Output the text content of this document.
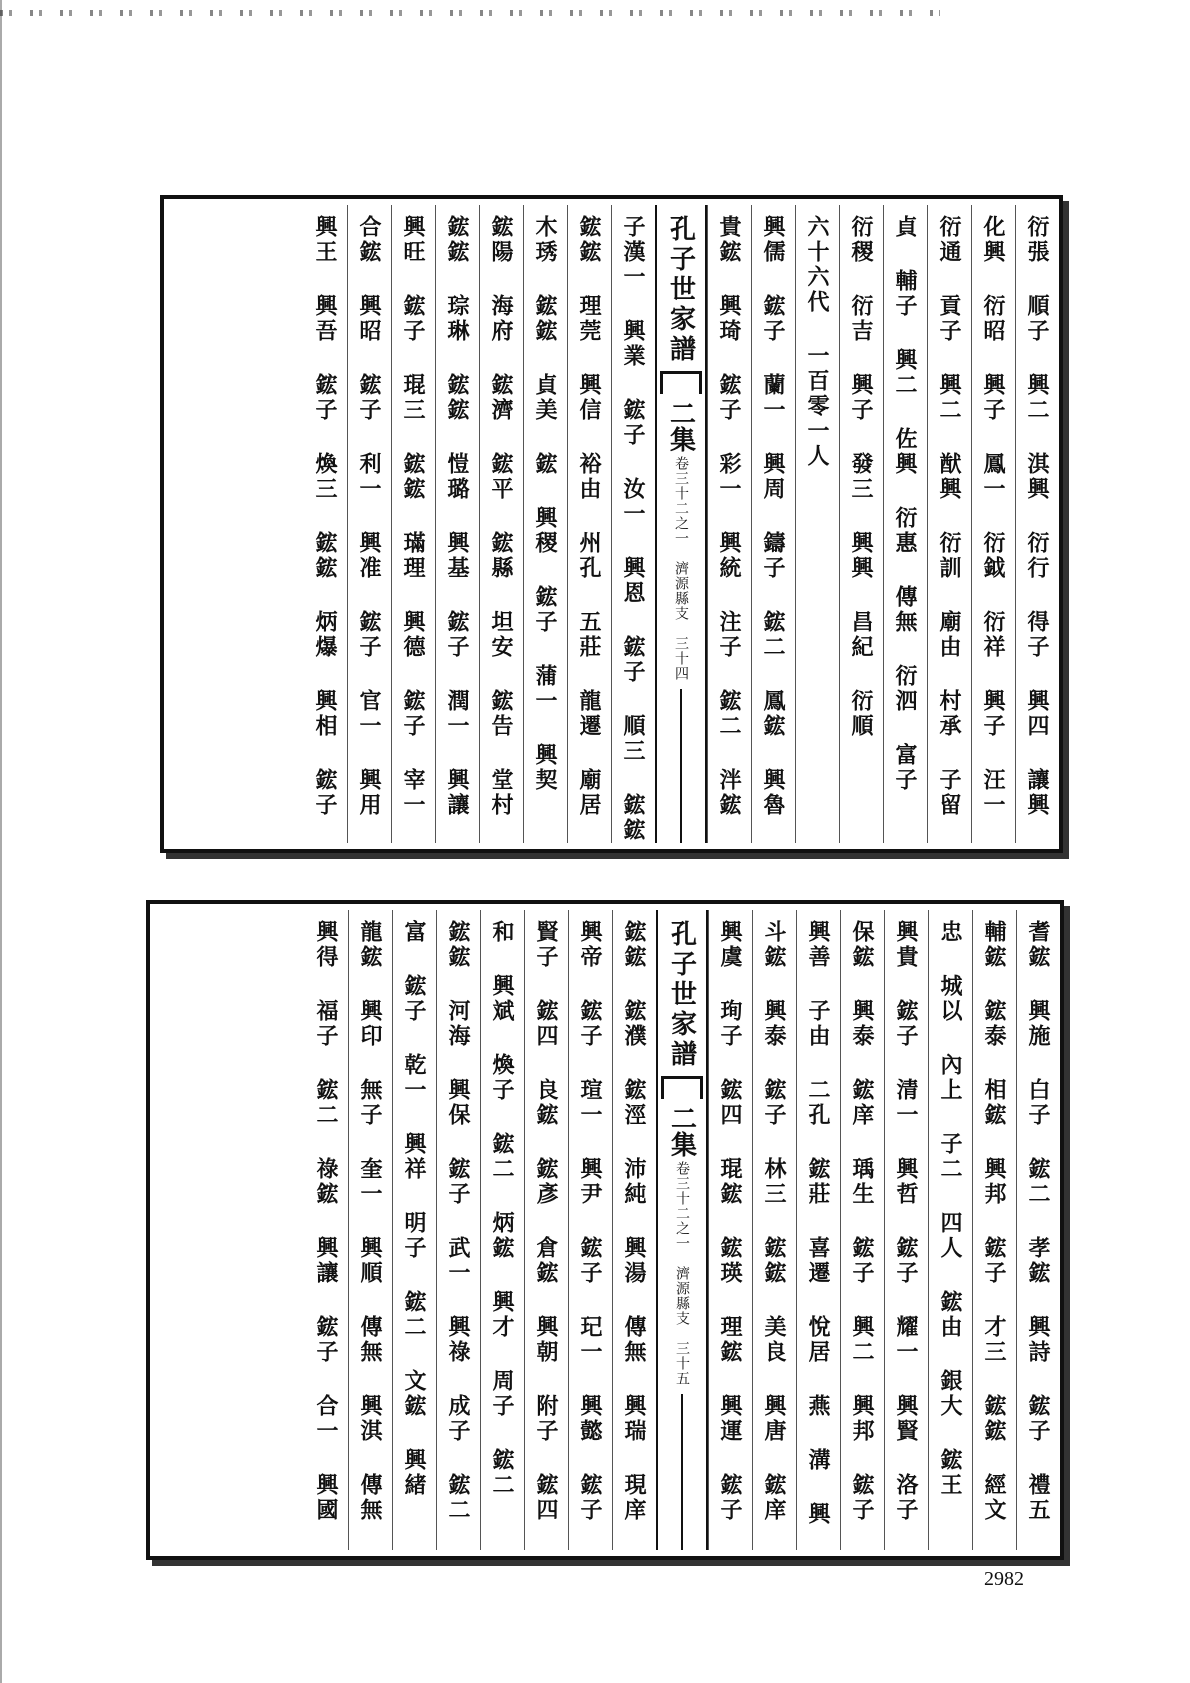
衍張 順子 興二 淇興 衍行 得子 興四 讓興
化興 衍昭 興子 鳳一 衍鉞 衍祥 興子 汪一
衍通 貢子 興二 猷興 衍訓 廟由 村承 子留
貞 輔子 興二 佐興 衍惠 傳無 衍泗 富子
衍稷 衍吉 興子 發三 興興 昌紀 衍順
六十六代 一百零一人
興儒 鋐子 蘭一 興周 鑄子 鋐二 鳳鋐 興魯
貴鋐 興琦 鋐子 彩一 興統 注子 鋐二 泮鋐
孔子世家譜
二集
卷三十二之一　濟源縣支　三十四
子漢一 興業 鋐子 汝一 興恩 鋐子 順三 鋐鋐
鋐鋐 理莞 興信 裕由 州孔 五莊 龍遷 廟居
木琇 鋐鋐 貞美 鋐 興稷 鋐子 蒲一 興契
鋐陽 海府 鋐濟 鋐平 鋐縣 坦安 鋐告 堂村
鋐鋐 琮琳 鋐鋐 愷璐 興基 鋐子 潤一 興讓
興旺 鋐子 琨三 鋐鋐 璊理 興德 鋐子 宰一
合鋐 興昭 鋐子 利一 興准 鋐子 官一 興用
興王 興吾 鋐子 煥三 鋐鋐 炳爆 興相 鋐子
耆鋐 興施 白子 鋐二 孝鋐 興詩 鋐子 禮五
輔鋐 鋐泰 相鋐 興邦 鋐子 才三 鋐鋐 經文
忠 城以 內上 子二 四人 鋐由 銀大 鋐王
興貴 鋐子 清一 興哲 鋐子 耀一 興賢 洛子
保鋐 興泰 鋐庠 瑀生 鋐子 興二 興邦 鋐子
興善 子由 二孔 鋐莊 喜遷 悅居 燕 溝 興
斗鋐 興泰 鋐子 林三 鋐鋐 美良 興唐 鋐庠
興虞 珣子 鋐四 琨鋐 鋐瑛 理鋐 興運 鋐子
孔子世家譜
二集
卷三十二之一　濟源縣支　三十五
鋐鋐 鋐濮 鋐涇 沛純 興湯 傳無 興瑞 現庠
興帝 鋐子 瑄一 興尹 鋐子 玘一 興懿 鋐子
賢子 鋐四 良鋐 鋐彥 倉鋐 興朝 附子 鋐四
和 興斌 煥子 鋐二 炳鋐 興才 周子 鋐二
鋐鋐 河海 興保 鋐子 武一 興祿 成子 鋐二
富 鋐子 乾一 興祥 明子 鋐二 文鋐 興緒
龍鋐 興印 無子 奎一 興順 傳無 興淇 傳無
興得 福子 鋐二 祿鋐 興讓 鋐子 合一 興國
2982
